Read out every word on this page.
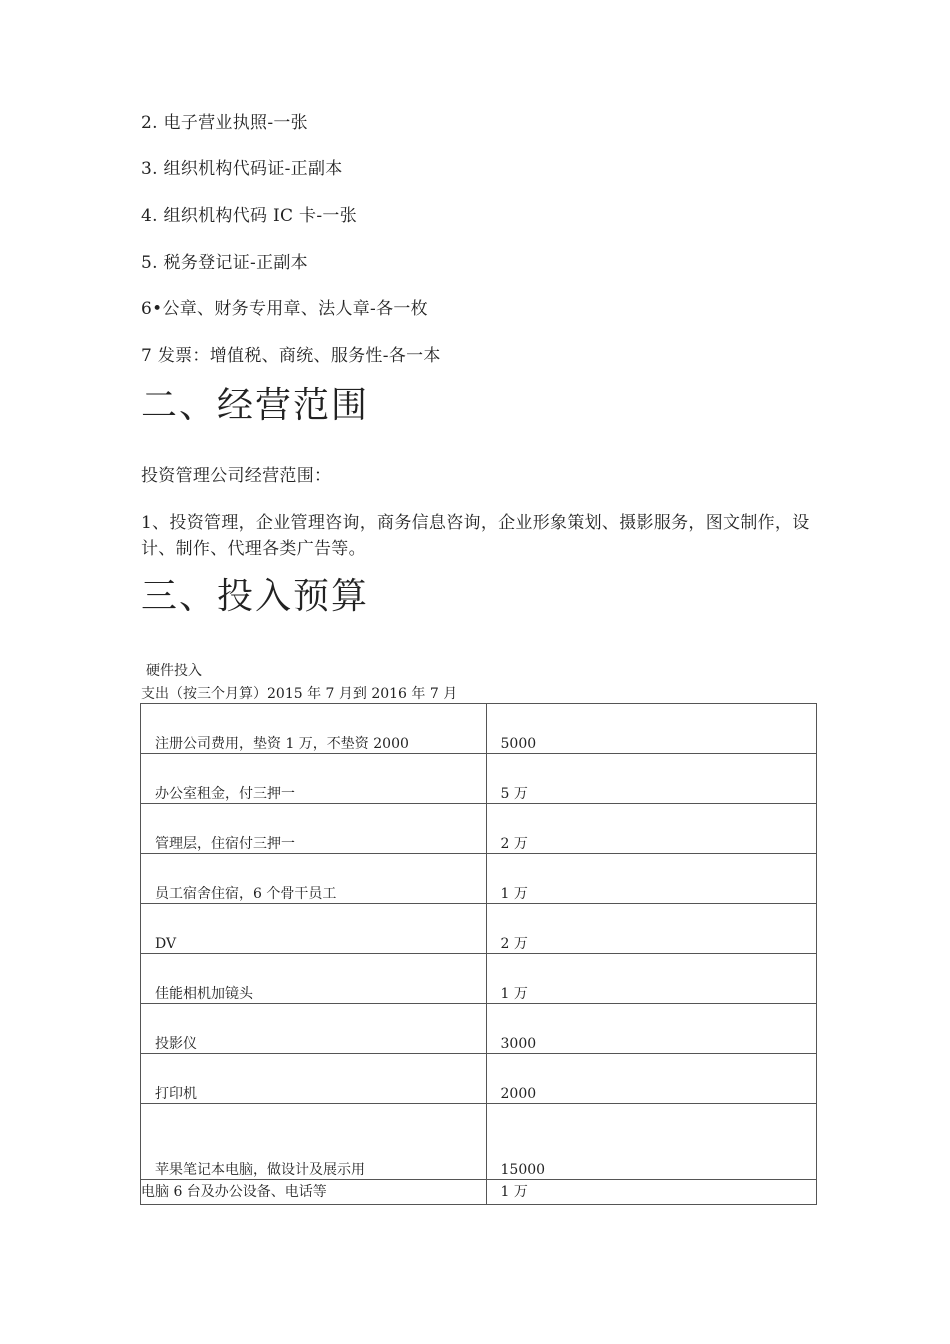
2. 电子营业执照-一张
3. 组织机构代码证-正副本
4. 组织机构代码 IC 卡-一张
5. 税务登记证-正副本
6•公章、财务专用章、法人章-各一枚
7 发票：增值税、商统、服务性-各一本
二、经营范围
投资管理公司经营范围：

1、投资管理，企业管理咨询，商务信息咨询，企业形象策划、摄影服务，图文制作，设计、制作、代理各类广告等。

三、投入预算
硬件投入
支出（按三个月算）2015 年 7 月到 2016 年 7 月
注册公司费用，垫资 1 万，不垫资 2000	5000
办公室租金，付三押一	5 万
管理层，住宿付三押一	2 万
员工宿舍住宿，6 个骨干员工	1 万
DV	2 万
佳能相机加镜头	1 万
投影仪	3000
打印机	2000
苹果笔记本电脑，做设计及展示用	15000
电脑 6 台及办公设备、电话等	1 万
